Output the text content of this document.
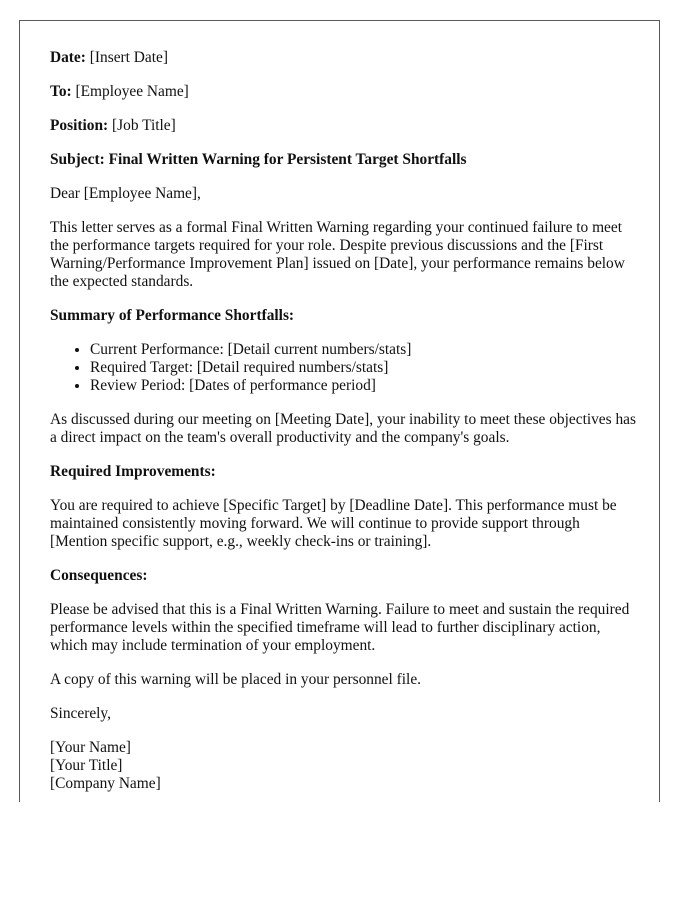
Date: [Insert Date]

To: [Employee Name]

Position: [Job Title]

Subject: Final Written Warning for Persistent Target Shortfalls

Dear [Employee Name],

This letter serves as a formal Final Written Warning regarding your continued failure to meet the performance targets required for your role. Despite previous discussions and the [First Warning/Performance Improvement Plan] issued on [Date], your performance remains below the expected standards.

Summary of Performance Shortfalls:

• Current Performance: [Detail current numbers/stats]
• Required Target: [Detail required numbers/stats]
• Review Period: [Dates of performance period]

As discussed during our meeting on [Meeting Date], your inability to meet these objectives has a direct impact on the team's overall productivity and the company's goals.

Required Improvements:

You are required to achieve [Specific Target] by [Deadline Date]. This performance must be maintained consistently moving forward. We will continue to provide support through [Mention specific support, e.g., weekly check-ins or training].

Consequences:

Please be advised that this is a Final Written Warning. Failure to meet and sustain the required performance levels within the specified timeframe will lead to further disciplinary action, which may include termination of your employment.

A copy of this warning will be placed in your personnel file.

Sincerely,

[Your Name]

[Your Title]

[Company Name]
